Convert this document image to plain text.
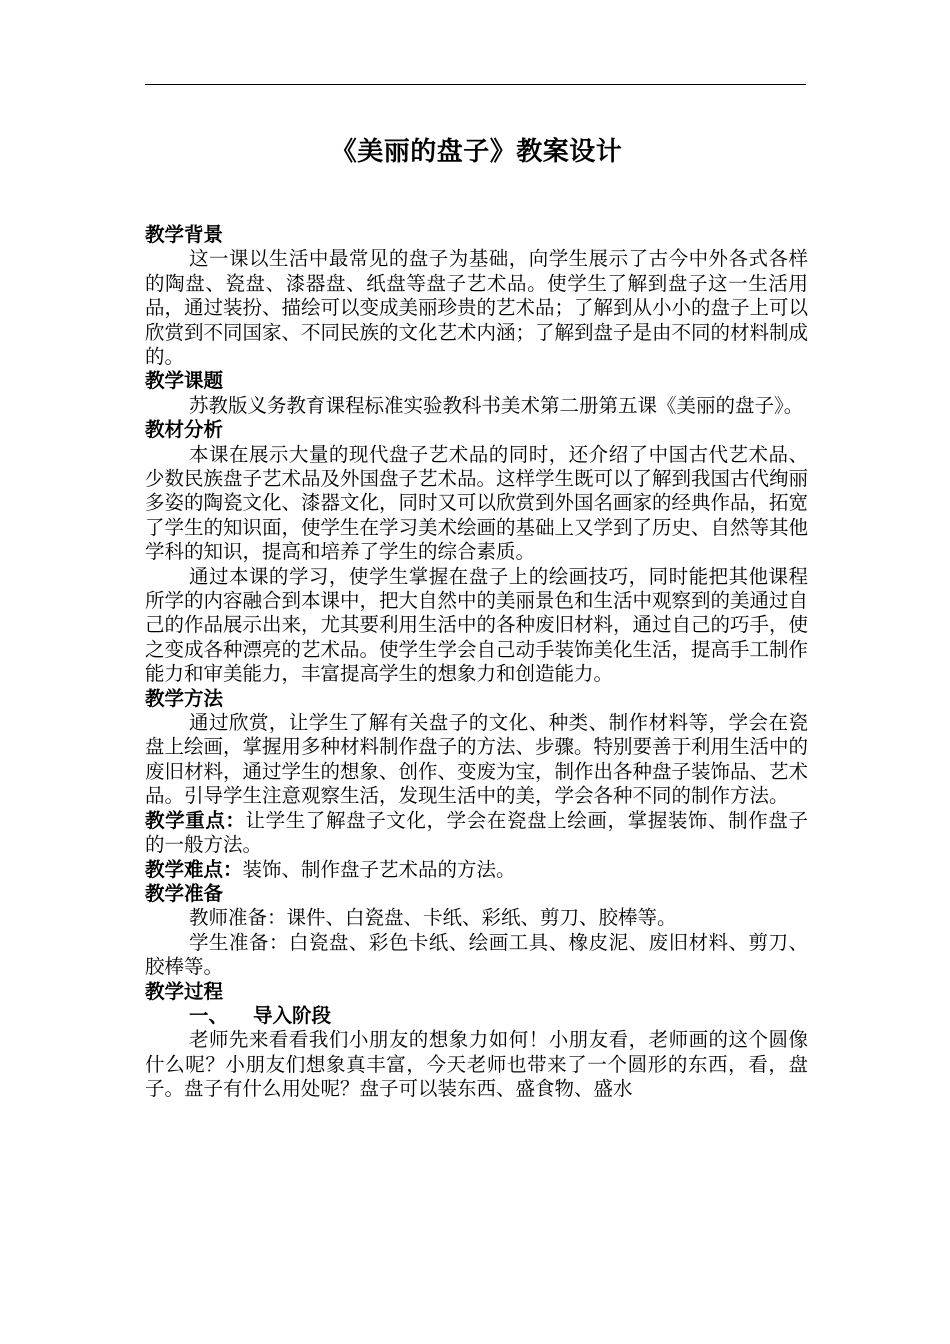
《美丽的盘子》教案设计
教学背景

这一课以生活中最常见的盘子为基础，向学生展示了古今中外各式各样的陶盘、瓷盘、漆器盘、纸盘等盘子艺术品。使学生了解到盘子这一生活用品，通过装扮、描绘可以变成美丽珍贵的艺术品；了解到从小小的盘子上可以欣赏到不同国家、不同民族的文化艺术内涵；了解到盘子是由不同的材料制成的。

教学课题

苏教版义务教育课程标准实验教科书美术第二册第五课《美丽的盘子》。

教材分析

本课在展示大量的现代盘子艺术品的同时，还介绍了中国古代艺术品、少数民族盘子艺术品及外国盘子艺术品。这样学生既可以了解到我国古代绚丽多姿的陶瓷文化、漆器文化，同时又可以欣赏到外国名画家的经典作品，拓宽了学生的知识面，使学生在学习美术绘画的基础上又学到了历史、自然等其他学科的知识，提高和培养了学生的综合素质。

通过本课的学习，使学生掌握在盘子上的绘画技巧，同时能把其他课程所学的内容融合到本课中，把大自然中的美丽景色和生活中观察到的美通过自己的作品展示出来，尤其要利用生活中的各种废旧材料，通过自己的巧手，使之变成各种漂亮的艺术品。使学生学会自己动手装饰美化生活，提高手工制作能力和审美能力，丰富提高学生的想象力和创造能力。

教学方法

通过欣赏，让学生了解有关盘子的文化、种类、制作材料等，学会在瓷盘上绘画，掌握用多种材料制作盘子的方法、步骤。特别要善于利用生活中的废旧材料，通过学生的想象、创作、变废为宝，制作出各种盘子装饰品、艺术品。引导学生注意观察生活，发现生活中的美，学会各种不同的制作方法。

教学重点：让学生了解盘子文化，学会在瓷盘上绘画，掌握装饰、制作盘子的一般方法。

教学难点：装饰、制作盘子艺术品的方法。

教学准备

教师准备：课件、白瓷盘、卡纸、彩纸、剪刀、胶棒等。

学生准备：白瓷盘、彩色卡纸、绘画工具、橡皮泥、废旧材料、剪刀、胶棒等。

教学过程
一、 导入阶段

老师先来看看我们小朋友的想象力如何！小朋友看，老师画的这个圆像什么呢？小朋友们想象真丰富，今天老师也带来了一个圆形的东西，看，盘子。盘子有什么用处呢？盘子可以装东西、盛食物、盛水
